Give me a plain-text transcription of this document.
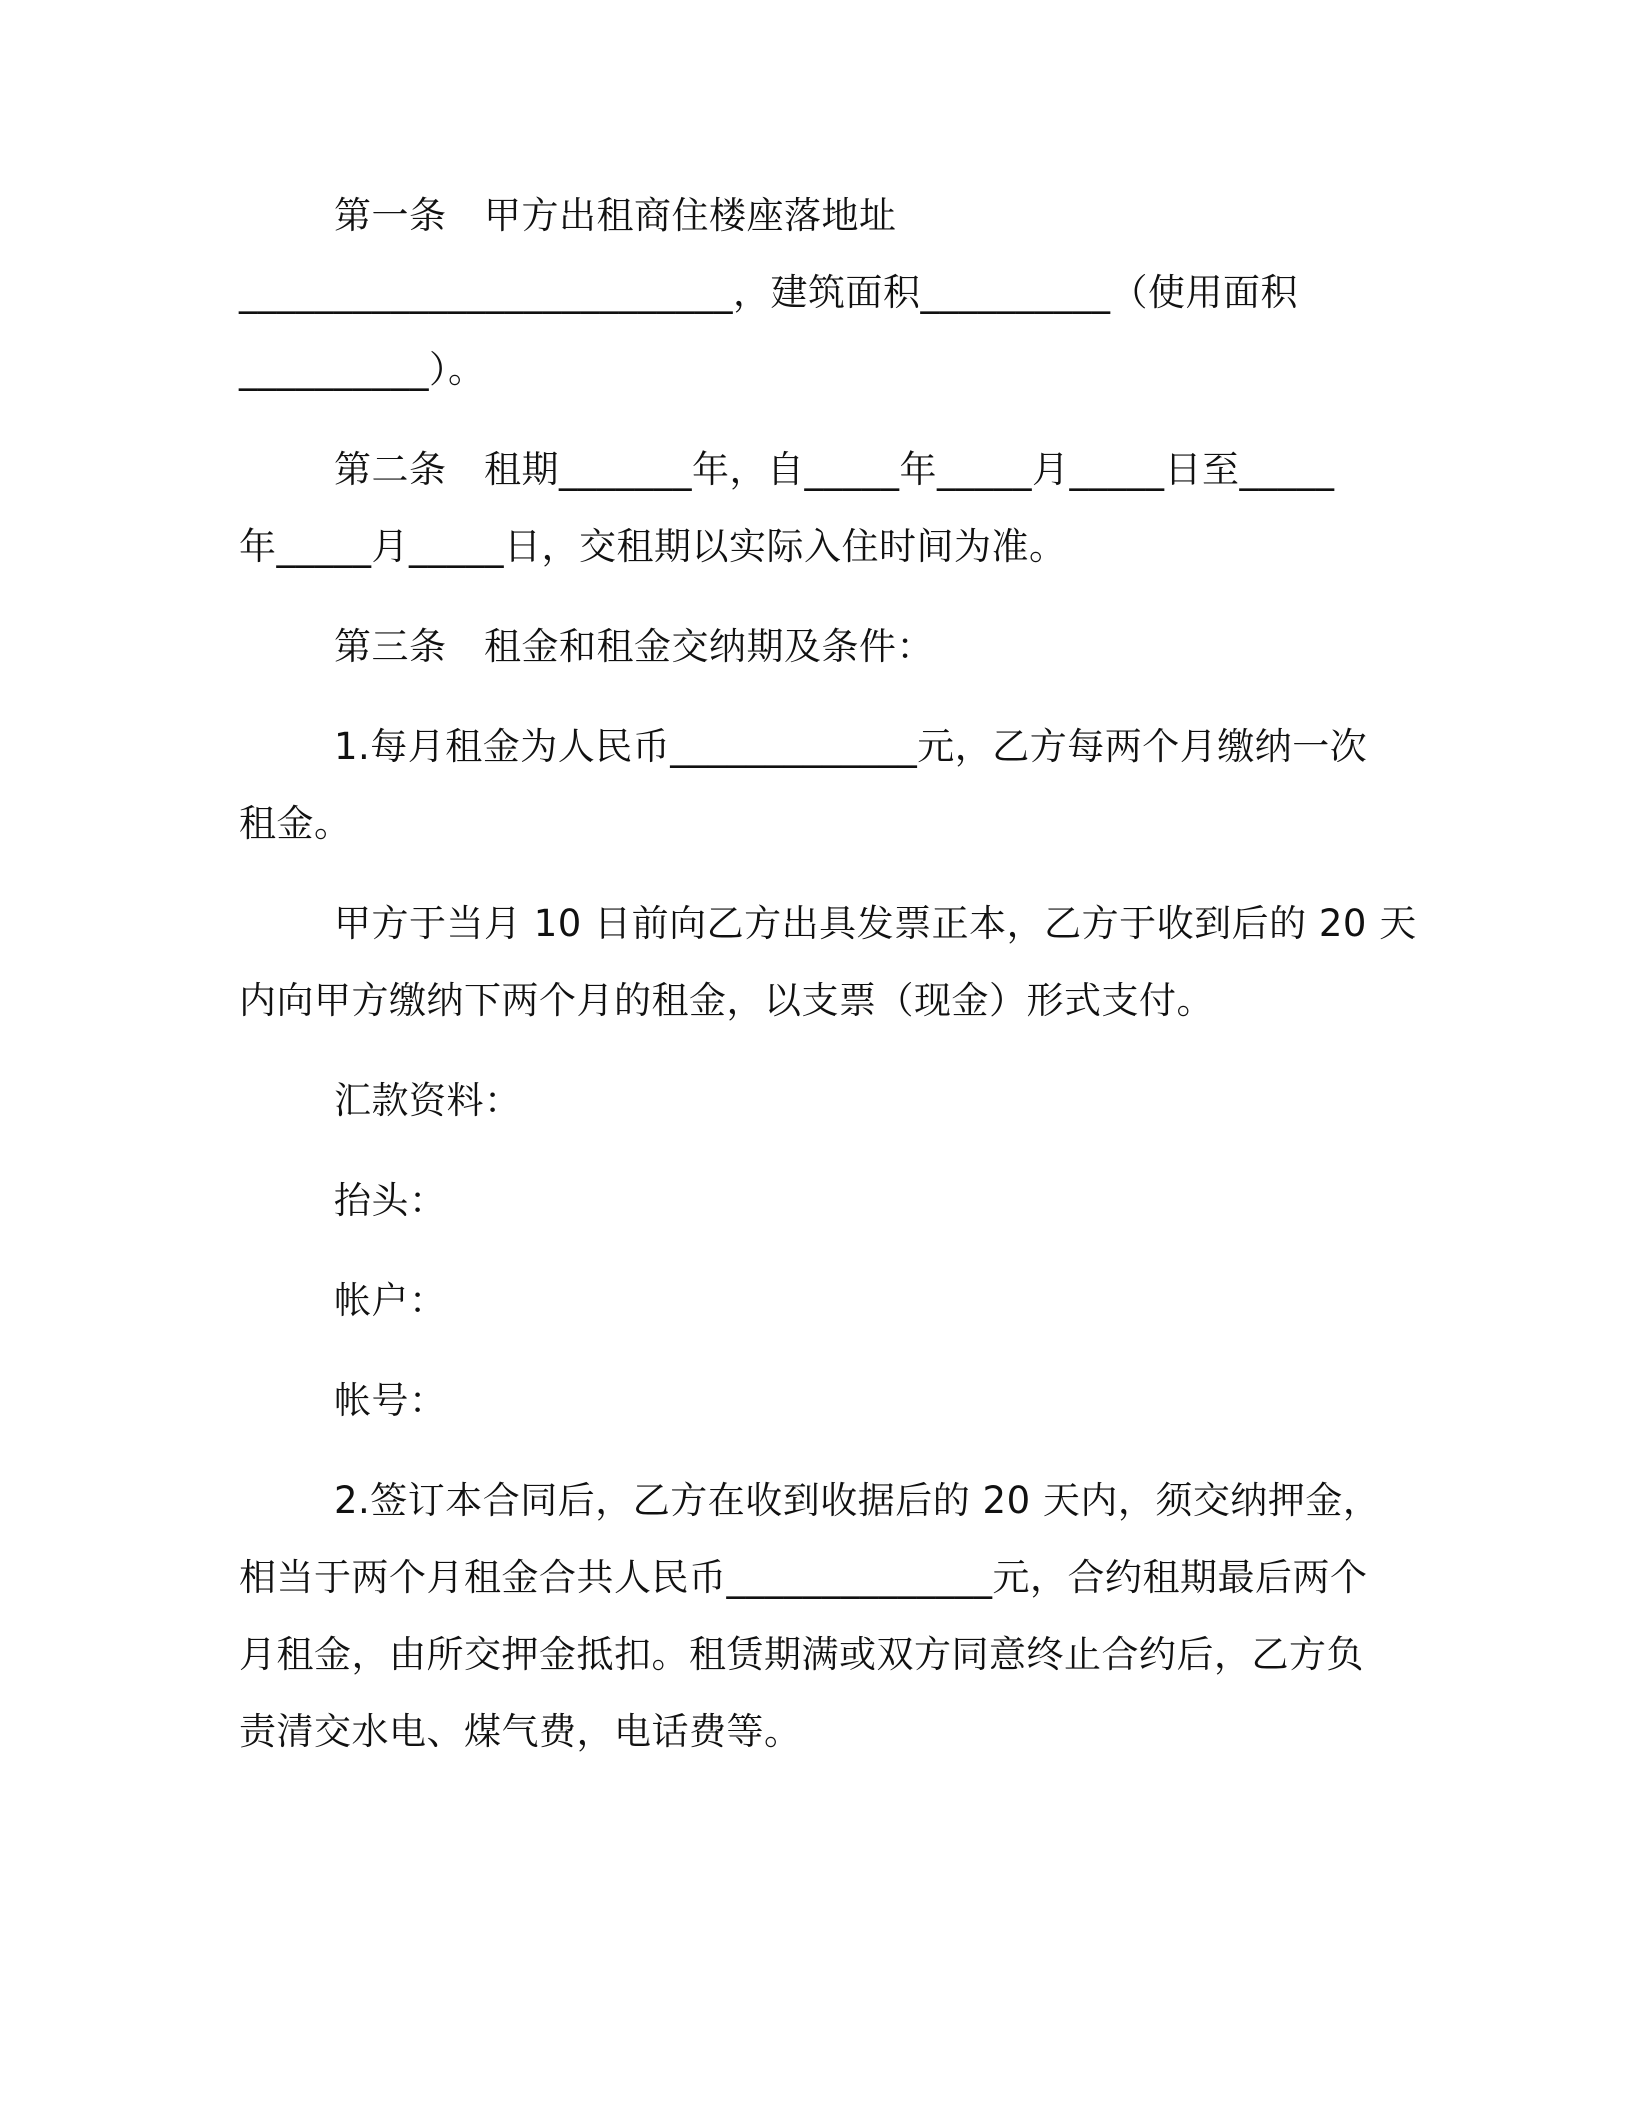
第一条　甲方出租商住楼座落地址

__________________________，建筑面积__________（使用面积

__________）。

第二条　租期_______年，自_____年_____月_____日至_____

年_____月_____日，交租期以实际入住时间为准。

第三条　租金和租金交纳期及条件：

1.每月租金为人民币_____________元，乙方每两个月缴纳一次

租金。

甲方于当月 10 日前向乙方出具发票正本，乙方于收到后的 20 天

内向甲方缴纳下两个月的租金，以支票（现金）形式支付。

汇款资料：

抬头：

帐户：

帐号：

2.签订本合同后，乙方在收到收据后的 20 天内，须交纳押金，

相当于两个月租金合共人民币______________元，合约租期最后两个

月租金，由所交押金抵扣。租赁期满或双方同意终止合约后，乙方负

责清交水电、煤气费，电话费等。
